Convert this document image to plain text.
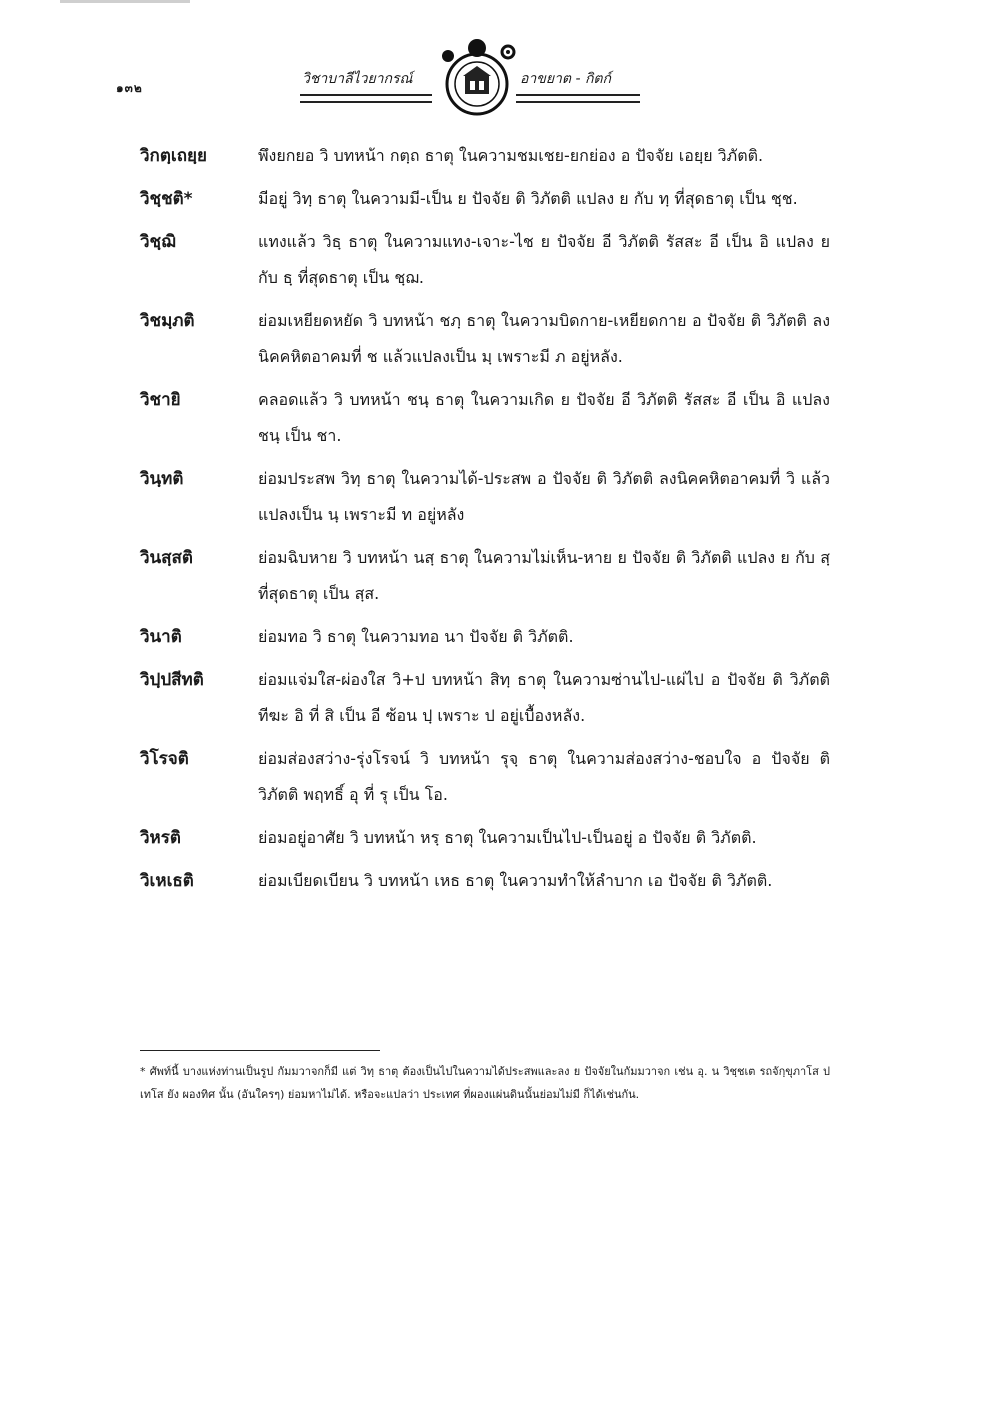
๑๓๒
วิชาบาลีไวยากรณ์	อาขยาต - กิตก์
วิกตฺเถยฺย	พึงยกยอ วิ บทหน้า กตฺถ ธาตุ ในความชมเชย-ยกย่อง อ ปัจจัย เอยฺย วิภัตติ.
วิชฺชติ*	มีอยู่ วิทฺ ธาตุ ในความมี-เป็น ย ปัจจัย ติ วิภัตติ แปลง ย กับ ทฺ ที่สุดธาตุ เป็น ชฺช.
วิชฺฌิ	แทงแล้ว วิธฺ ธาตุ ในความแทง-เจาะ-ไช ย ปัจจัย อี วิภัตติ รัสสะ อี เป็น อิ แปลง ย กับ ธฺ ที่สุดธาตุ เป็น ชฺฌ.
วิชมฺภติ	ย่อมเหยียดหยัด วิ บทหน้า ชภฺ ธาตุ ในความบิดกาย-เหยียดกาย อ ปัจจัย ติ วิภัตติ ลงนิคคหิตอาคมที่ ช แล้วแปลงเป็น มฺ เพราะมี ภ อยู่หลัง.
วิชายิ	คลอดแล้ว วิ บทหน้า ชนฺ ธาตุ ในความเกิด ย ปัจจัย อี วิภัตติ รัสสะ อี เป็น อิ แปลง ชนฺ เป็น ชา.
วินฺทติ	ย่อมประสพ วิทฺ ธาตุ ในความได้-ประสพ อ ปัจจัย ติ วิภัตติ ลงนิคคหิตอาคมที่ วิ แล้วแปลงเป็น นฺ เพราะมี ท อยู่หลัง
วินสฺสติ	ย่อมฉิบหาย วิ บทหน้า นสฺ ธาตุ ในความไม่เห็น-หาย ย ปัจจัย ติ วิภัตติ แปลง ย กับ สฺ ที่สุดธาตุ เป็น สฺส.
วินาติ	ย่อมทอ วิ ธาตุ ในความทอ นา ปัจจัย ติ วิภัตติ.
วิปฺปสีทติ	ย่อมแจ่มใส-ผ่องใส วิ+ป บทหน้า สิทฺ ธาตุ ในความซ่านไป-แผ่ไป อ ปัจจัย ติ วิภัตติ ทีฆะ อิ ที่ สิ เป็น อี ซ้อน ปฺ เพราะ ป อยู่เบื้องหลัง.
วิโรจติ	ย่อมส่องสว่าง-รุ่งโรจน์ วิ บทหน้า รุจฺ ธาตุ ในความส่องสว่าง-ชอบใจ อ ปัจจัย ติ วิภัตติ พฤทธิ์ อุ ที่ รุ เป็น โอ.
วิหรติ	ย่อมอยู่อาศัย วิ บทหน้า หรฺ ธาตุ ในความเป็นไป-เป็นอยู่ อ ปัจจัย ติ วิภัตติ.
วิเหเธติ	ย่อมเบียดเบียน วิ บทหน้า เหธ ธาตุ ในความทำให้ลำบาก เอ ปัจจัย ติ วิภัตติ.
* ศัพท์นี้ บางแห่งท่านเป็นรูป กัมมวาจกก็มี แต่ วิทฺ ธาตุ ต้องเป็นไปในความได้ประสพและลง ย ปัจจัยในกัมมวาจก เช่น อุ. น วิชฺชเต รถจักฺขุภาโส ปเทโส ยัง ผองทิศ นั้น (อันใครๆ) ย่อมหาไม่ได้. หรือจะแปลว่า ประเทศ ที่ผองแผ่นดินนั้นย่อมไม่มี ก็ได้เช่นกัน.
